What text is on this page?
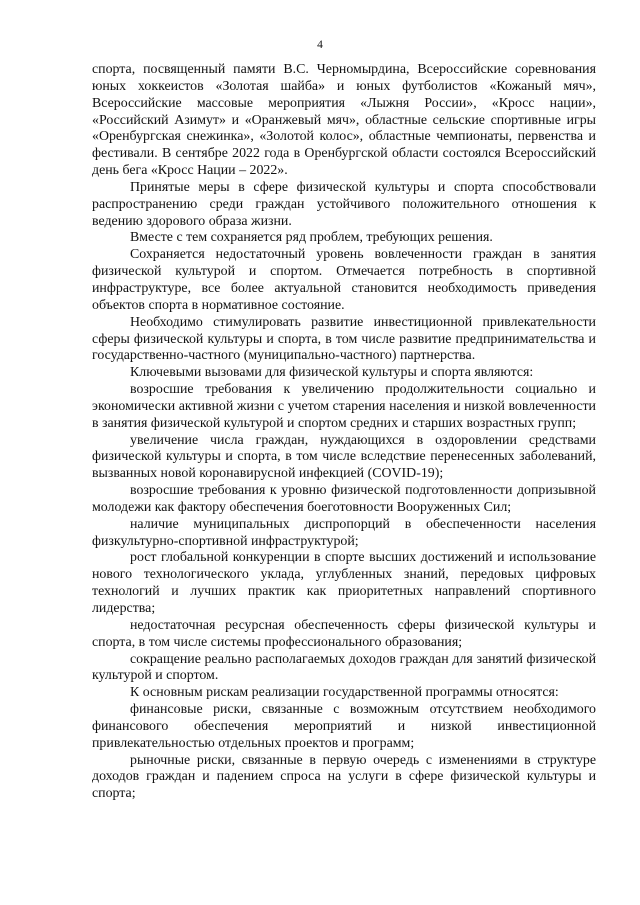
4

спорта, посвященный памяти В.С. Черномырдина, Всероссийские соревнования юных хоккеистов «Золотая шайба» и юных футболистов «Кожаный мяч», Всероссийские массовые мероприятия «Лыжня России», «Кросс нации», «Российский Азимут» и «Оранжевый мяч», областные сельские спортивные игры «Оренбургская снежинка», «Золотой колос», областные чемпионаты, первенства и фестивали. В сентябре 2022 года в Оренбургской области состоялся Всероссийский день бега «Кросс Нации – 2022».

Принятые меры в сфере физической культуры и спорта способствовали распространению среди граждан устойчивого положительного отношения к ведению здорового образа жизни.

Вместе с тем сохраняется ряд проблем, требующих решения.

Сохраняется недостаточный уровень вовлеченности граждан в занятия физической культурой и спортом. Отмечается потребность в спортивной инфраструктуре, все более актуальной становится необходимость приведения объектов спорта в нормативное состояние.

Необходимо стимулировать развитие инвестиционной привлекательности сферы физической культуры и спорта, в том числе развитие предпринимательства и государственно-частного (муниципально-частного) партнерства.

Ключевыми вызовами для физической культуры и спорта являются:

возросшие требования к увеличению продолжительности социально и экономически активной жизни с учетом старения населения и низкой вовлеченности в занятия физической культурой и спортом средних и старших возрастных групп;

увеличение числа граждан, нуждающихся в оздоровлении средствами физической культуры и спорта, в том числе вследствие перенесенных заболеваний, вызванных новой коронавирусной инфекцией (COVID-19);

возросшие требования к уровню физической подготовленности допризывной молодежи как фактору обеспечения боеготовности Вооруженных Сил;

наличие муниципальных диспропорций в обеспеченности населения физкультурно-спортивной инфраструктурой;

рост глобальной конкуренции в спорте высших достижений и использование нового технологического уклада, углубленных знаний, передовых цифровых технологий и лучших практик как приоритетных направлений спортивного лидерства;

недостаточная ресурсная обеспеченность сферы физической культуры и спорта, в том числе системы профессионального образования;

сокращение реально располагаемых доходов граждан для занятий физической культурой и спортом.

К основным рискам реализации государственной программы относятся:

финансовые риски, связанные с возможным отсутствием необходимого финансового обеспечения мероприятий и низкой инвестиционной привлекательностью отдельных проектов и программ;

рыночные риски, связанные в первую очередь с изменениями в структуре доходов граждан и падением спроса на услуги в сфере физической культуры и спорта;
